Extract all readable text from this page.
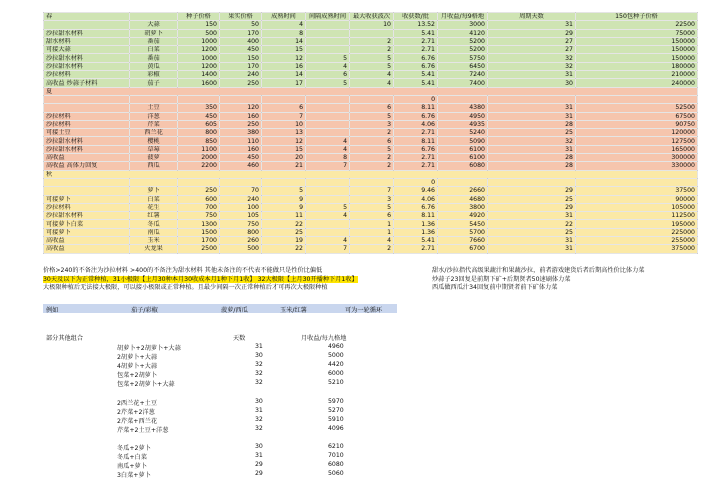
春		种子价格	果实价格	成熟时间	间隔成熟时间	最大收获波次	收获数/批	月收益/每9格地	周期天数	150包种子价格
	大蒜	150	50	4		10	13.52	3000	31	22500
沙拉甜水材料	胡萝卜	500	170	8			5.41	4120	29	75000
甜水材料	番茄	1000	400	14		2	2.71	5200	27	150000
可接大蒜	白菜	1200	450	15		2	2.71	5200	27	150000
沙拉甜水材料	番茄	1000	150	12	5	5	6.76	5750	32	150000
沙拉甜水材料	黄瓜	1200	170	16	4	5	6.76	6450	32	180000
沙拉材料	彩椒	1400	240	14	6	4	5.41	7240	31	210000
高收益 炒蒜子材料	茄子	1600	250	17	5	4	5.41	7400	30	240000
夏										
							0			
	土豆	350	120	6		6	8.11	4380	31	52500
沙拉材料	洋葱	450	160	7		5	6.76	4950	31	67500
沙拉材料	芹菜	605	250	10		3	4.06	4935	28	90750
可接土豆	西兰花	800	380	13		2	2.71	5240	25	120000
沙拉甜水材料	樱桃	850	110	12	4	6	8.11	5090	32	127500
沙拉甜水材料	草莓	1100	160	15	4	5	6.76	6100	31	165000
高收益	菠萝	2000	450	20	8	2	2.71	6100	28	300000
高收益 高体力回复	西瓜	2200	460	21	7	2	2.71	6080	28	330000
秋										
							0			
	萝卜	250	70	5		7	9.46	2660	29	37500
可接萝卜	白菜	600	240	9		3	4.06	4680	25	90000
沙拉材料	花生	700	100	9	5	5	6.76	3800	29	105000
沙拉甜水材料	红薯	750	105	11	4	6	8.11	4920	31	112500
可接萝卜白菜	冬瓜	1300	750	22		1	1.36	5450	22	195000
可接萝卜	南瓜	1500	800	25		1	1.36	5700	25	225000
高收益	玉米	1700	260	19	4	4	5.41	7660	31	255000
高收益	火龙果	2500	500	22	7	2	2.71	6700	31	375000
价格>240的不备注为沙拉材料 >400的不备注为甜水材料 其他未备注的不代表不能做只是性价比偏低
30天及以下为正常种植，31小极限【上月30种本月30收成本月1种下月1收】 32大极限【上月30开播种下月1收】
大极限种植后无法接大极限，可以接小极限或正常种植。且最少间隔一次正常种植后才可再次大极限种植
甜水/沙拉指代高级果蔬汁和果蔬沙拉，前者游戏建货后者后期高性价比体力菜
炒蒜子23回复是前期下矿+后期贤者50速刷体力菜
西瓜做西瓜汁34回复前中期贤者前下矿体力菜
例如	茄子/彩椒	菠萝/西瓜	玉米/红薯	可为一轮循环
部分其他组合	天数	月收益/每九格地
胡萝卜+2胡萝卜+大蒜	31	4960
2胡萝卜+大蒜	30	5000
4胡萝卜+大蒜	32	4420
包菜+2胡萝卜	32	6000
包菜+2胡萝卜+大蒜	32	5210
2西兰花+土豆	30	5970
2芹菜+2洋葱	31	5270
2芹菜+西兰花	32	5910
芹菜+2土豆+洋葱	32	4096
冬瓜+2萝卜	30	6210
冬瓜+白菜	31	7010
南瓜+萝卜	29	6080
3白菜+萝卜	29	5060
